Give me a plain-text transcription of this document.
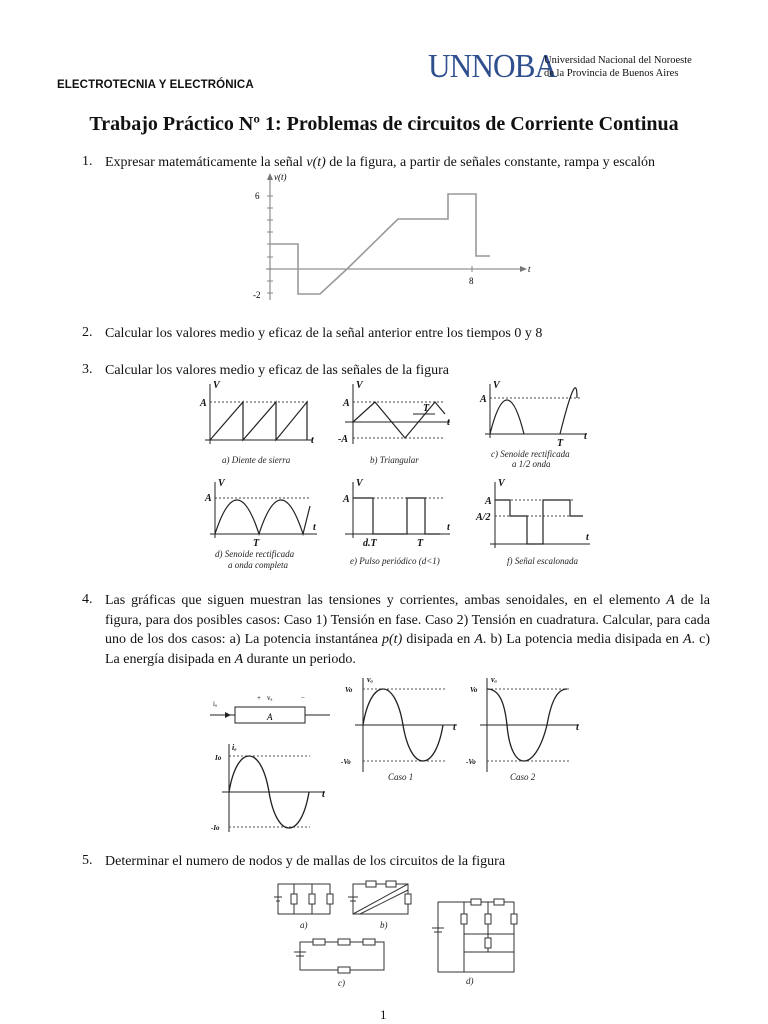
ELECTROTECNIA Y ELECTRÓNICA	UNNOBA
Universidad Nacional del Noroeste
de la Provincia de Buenos Aires
Trabajo Práctico Nº 1: Problemas de circuitos de Corriente Continua
1. Expresar matemáticamente la señal v(t) de la figura, a partir de señales constante, rampa y escalón
6
-2
8
v(t)
t
2. Calcular los valores medio y eficaz de la señal anterior entre los tiempos 0 y 8
3. Calcular los valores medio y eficaz de las señales de la figura
V
t
A
a) Diente de sierra
V
t
A
-A
T
b) Triangular
V
t
A
T
c) Senoide rectificada
a 1/2 onda
V
t
A
T
d) Senoide rectificada
a onda completa
V
t
A
d.T	T
e) Pulso periódico (d<1)
V
t
A
A/2
f) Señal escalonada
4. Las gráficas que siguen muestran las tensiones y corrientes, ambas senoidales, en el elemento A de la figura, para dos posibles casos: Caso 1) Tensión en fase. Caso 2) Tensión en cuadratura. Calcular, para cada uno de los dos casos: a) La potencia instantánea p(t) disipada en A. b) La potencia media disipada en A. c) La energía disipada en A durante un periodo.
iₐ
+ vₐ	−
A
vₐ
Vo
-Vo
t
Caso 1
vₐ
Vo
-Vo
t
Caso 2
iₐ
Io
-Io
t
5. Determinar el numero de nodos y de mallas de los circuitos de la figura
a)	b)
c)	d)
1
